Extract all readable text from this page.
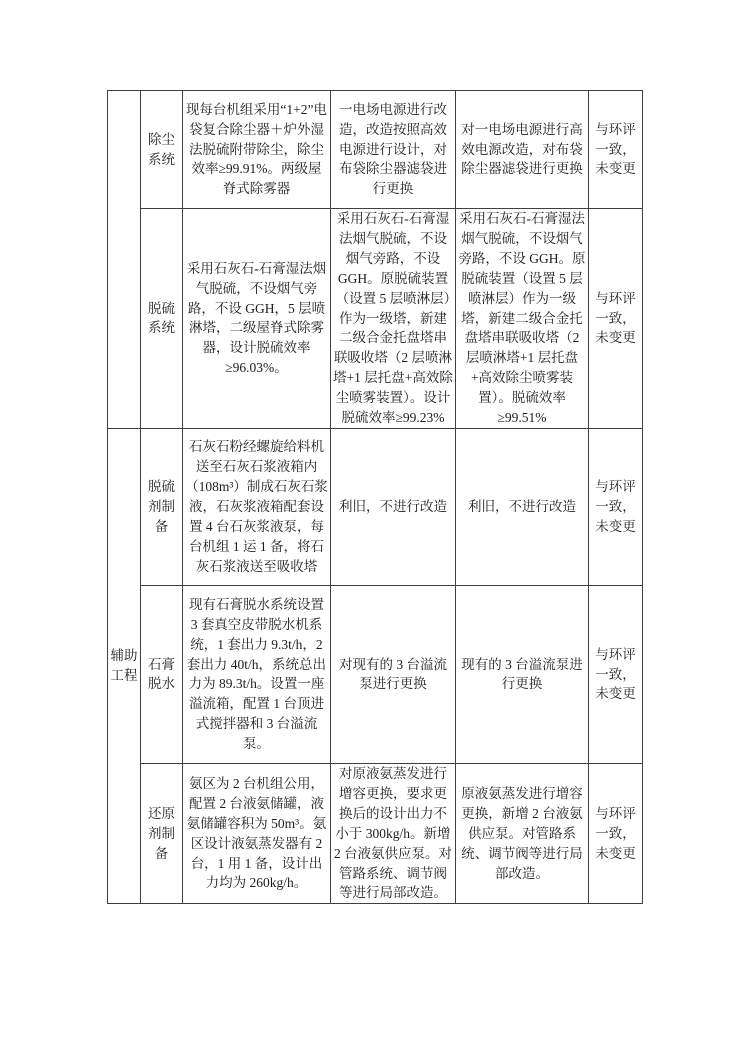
	除尘系统	现每台机组采用“1+2”电袋复合除尘器＋炉外湿法脱硫附带除尘，除尘效率≥99.91%。两级屋脊式除雾器	一电场电源进行改造，改造按照高效电源进行设计，对布袋除尘器滤袋进行更换	对一电场电源进行高效电源改造，对布袋除尘器滤袋进行更换	与环评一致，未变更
	脱硫系统	采用石灰石-石膏湿法烟气脱硫，不设烟气旁路，不设 GGH，5 层喷淋塔，二级屋脊式除雾器，设计脱硫效率≥96.03%。	采用石灰石-石膏湿法烟气脱硫，不设烟气旁路，不设 GGH。原脱硫装置（设置 5 层喷淋层）作为一级塔，新建二级合金托盘塔串联吸收塔（2 层喷淋塔+1 层托盘+高效除尘喷雾装置）。设计脱硫效率≥99.23%	采用石灰石-石膏湿法烟气脱硫，不设烟气旁路，不设 GGH。原脱硫装置（设置 5 层喷淋层）作为一级塔，新建二级合金托盘塔串联吸收塔（2 层喷淋塔+1 层托盘+高效除尘喷雾装置）。脱硫效率≥99.51%	与环评一致，未变更
辅助工程	脱硫剂制备	石灰石粉经螺旋给料机送至石灰石浆液箱内（108m³）制成石灰石浆液，石灰浆液箱配套设置 4 台石灰浆液泵，每台机组 1 运 1 备，将石灰石浆液送至吸收塔	利旧，不进行改造	利旧，不进行改造	与环评一致，未变更
	石膏脱水	现有石膏脱水系统设置 3 套真空皮带脱水机系统，1 套出力 9.3t/h，2 套出力 40t/h，系统总出力为 89.3t/h。设置一座溢流箱，配置 1 台顶进式搅拌器和 3 台溢流泵。	对现有的 3 台溢流泵进行更换	现有的 3 台溢流泵进行更换	与环评一致，未变更
	还原剂制备	氨区为 2 台机组公用，配置 2 台液氨储罐，液氨储罐容积为 50m³。氨区设计液氨蒸发器有 2 台，1 用 1 备，设计出力均为 260kg/h。	对原液氨蒸发进行增容更换，要求更换后的设计出力不小于 300kg/h。新增 2 台液氨供应泵。对管路系统、调节阀等进行局部改造。	原液氨蒸发进行增容更换，新增 2 台液氨供应泵。对管路系统、调节阀等进行局部改造。	与环评一致，未变更
